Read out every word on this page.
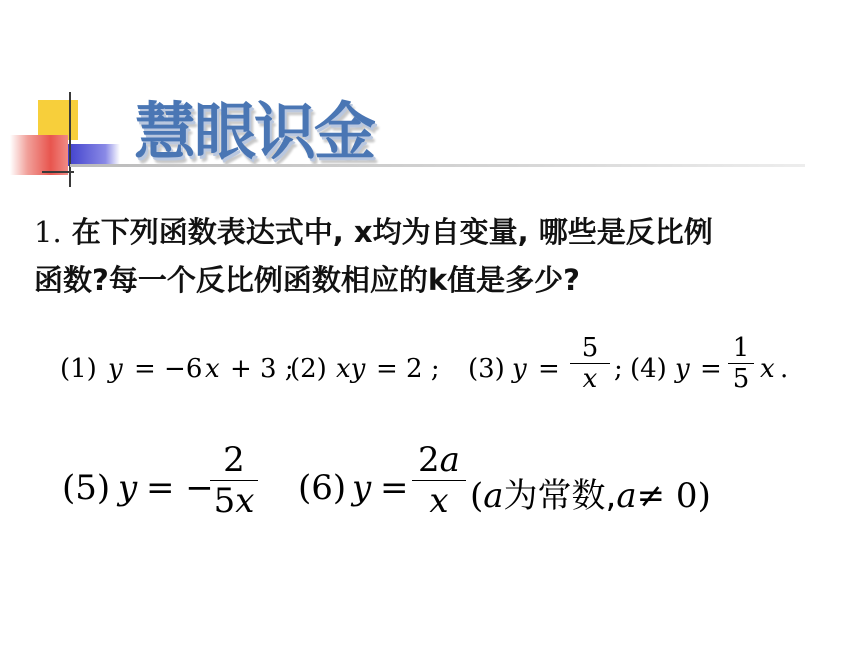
慧眼识金
1. 在下列函数表达式中, x均为自变量, 哪些是反比例
函数?每一个反比例函数相应的k值是多少?
(1) y = −6 x + 3 ;
(2) xy = 2 ; (3) y =
5
x ; (4) y =
1
5 x .
(5) y = −
2
5x (6) y =
2a
x (a为常数,a≠ 0)
